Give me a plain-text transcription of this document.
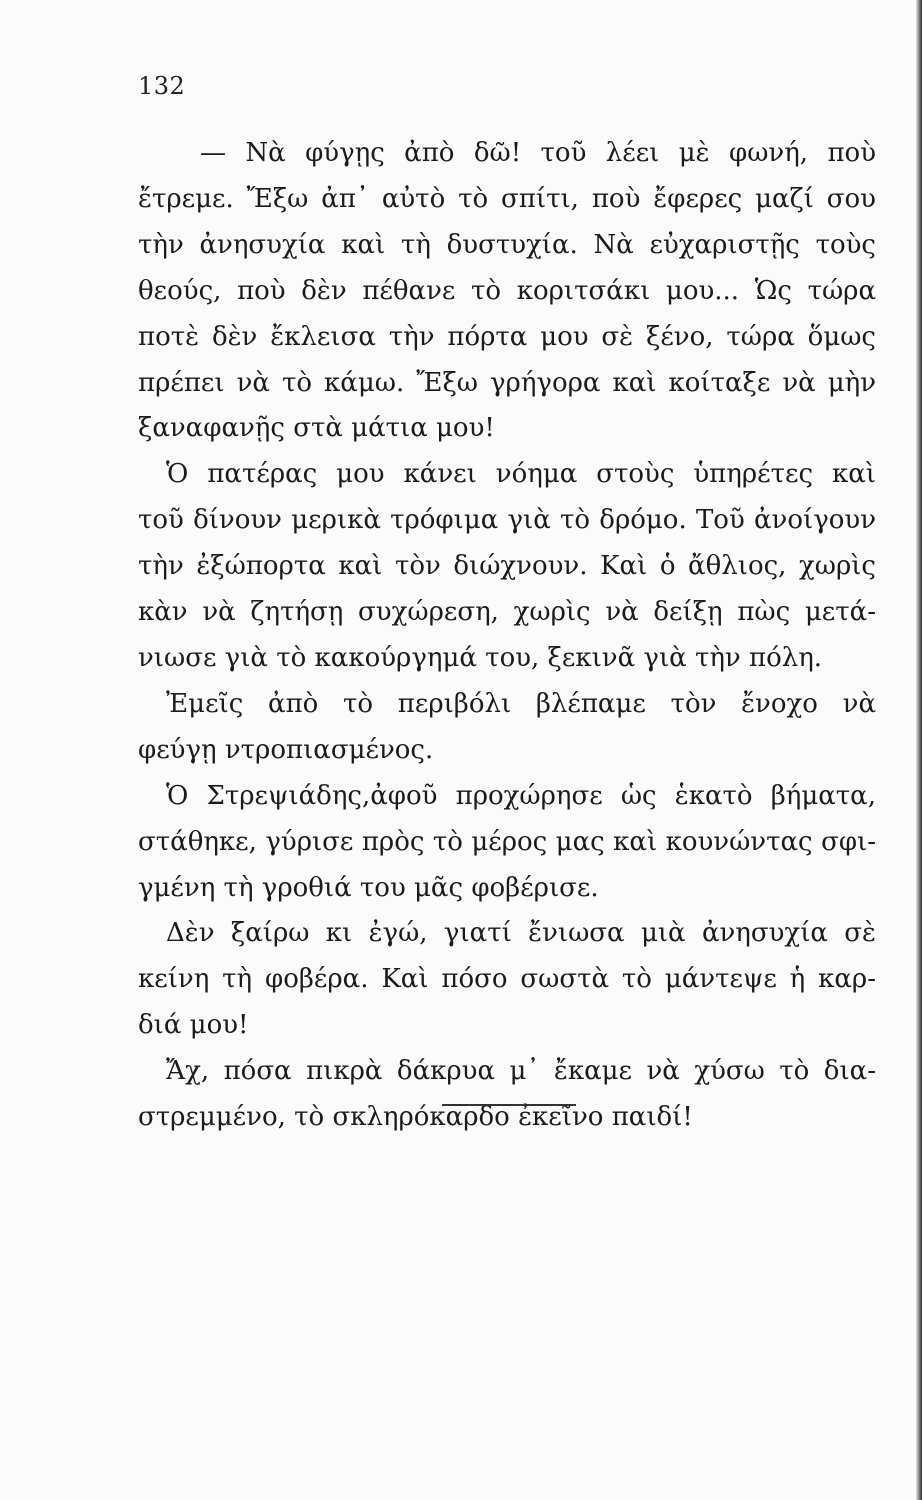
132

— Νὰ φύγῃς ἀπὸ δῶ! τοῦ λέει μὲ φωνή, ποὺ
ἔτρεμε. Ἔξω ἀπ᾽ αὐτὸ τὸ σπίτι, ποὺ ἔφερες μαζί σου
τὴν ἀνησυχία καὶ τὴ δυστυχία. Νὰ εὐχαριστῇς τοὺς
θεούς, ποὺ δὲν πέθανε τὸ κοριτσάκι μου... Ὡς τώρα
ποτὲ δὲν ἔκλεισα τὴν πόρτα μου σὲ ξένο, τώρα ὅμως
πρέπει νὰ τὸ κάμω. Ἔξω γρήγορα καὶ κοίταξε νὰ μὴν
ξαναφανῇς στὰ μάτια μου!

Ὁ πατέρας μου κάνει νόημα στοὺς ὑπηρέτες καὶ
τοῦ δίνουν μερικὰ τρόφιμα γιὰ τὸ δρόμο. Τοῦ ἀνοίγουν
τὴν ἐξώπορτα καὶ τὸν διώχνουν. Καὶ ὁ ἄθλιος, χωρὶς
κὰν νὰ ζητήσῃ συχώρεση, χωρὶς νὰ δείξῃ πὼς μετά-
νιωσε γιὰ τὸ κακούργημά του, ξεκινᾶ γιὰ τὴν πόλη.

Ἐμεῖς ἀπὸ τὸ περιβόλι βλέπαμε τὸν ἔνοχο νὰ
φεύγῃ ντροπιασμένος.

Ὁ Στρεψιάδης,ἀφοῦ προχώρησε ὡς ἑκατὸ βήματα,
στάθηκε, γύρισε πρὸς τὸ μέρος μας καὶ κουνώντας σφι-
γμένη τὴ γροθιά του μᾶς φοβέρισε.

Δὲν ξαίρω κι ἐγώ, γιατί ἔνιωσα μιὰ ἀνησυχία σὲ
κείνη τὴ φοβέρα. Καὶ πόσο σωστὰ τὸ μάντεψε ἡ καρ-
διά μου!

Ἄχ, πόσα πικρὰ δάκρυα μ᾽ ἔκαμε νὰ χύσω τὸ δια-
στρεμμένο, τὸ σκληρόκαρδο ἐκεῖνο παιδί!
